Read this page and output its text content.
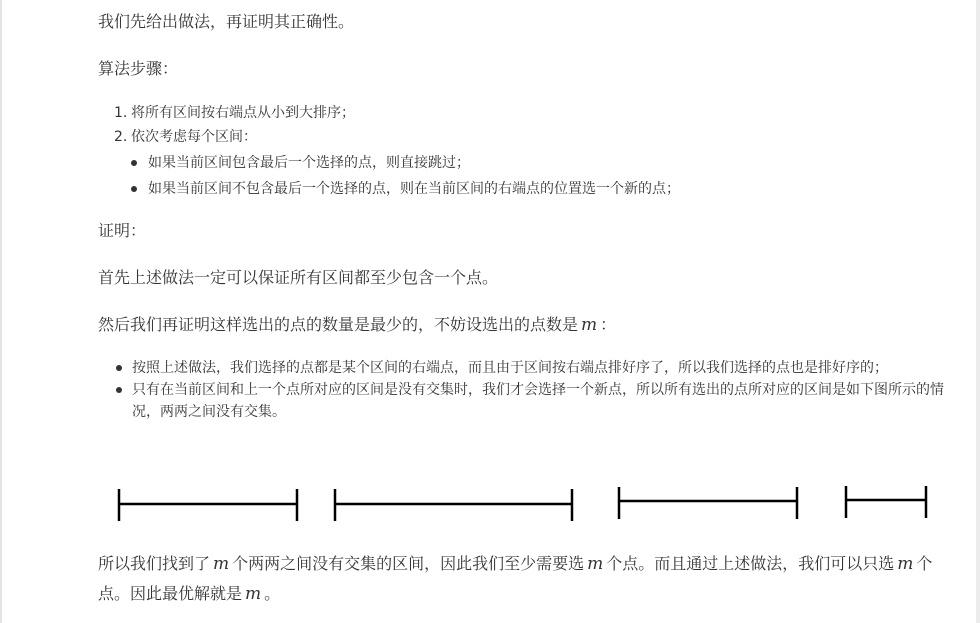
我们先给出做法，再证明其正确性。

算法步骤：

1. 将所有区间按右端点从小到大排序；
2. 依次考虑每个区间：
如果当前区间包含最后一个选择的点，则直接跳过；
如果当前区间不包含最后一个选择的点，则在当前区间的右端点的位置选一个新的点；

证明：

首先上述做法一定可以保证所有区间都至少包含一个点。

然后我们再证明这样选出的点的数量是最少的，不妨设选出的点数是 m ：

按照上述做法，我们选择的点都是某个区间的右端点，而且由于区间按右端点排好序了，所以我们选择的点也是排好序的；
只有在当前区间和上一个点所对应的区间是没有交集时，我们才会选择一个新点，所以所有选出的点所对应的区间是如下图所示的情况，两两之间没有交集。

所以我们找到了 m 个两两之间没有交集的区间，因此我们至少需要选 m 个点。而且通过上述做法，我们可以只选 m 个点。因此最优解就是 m 。
